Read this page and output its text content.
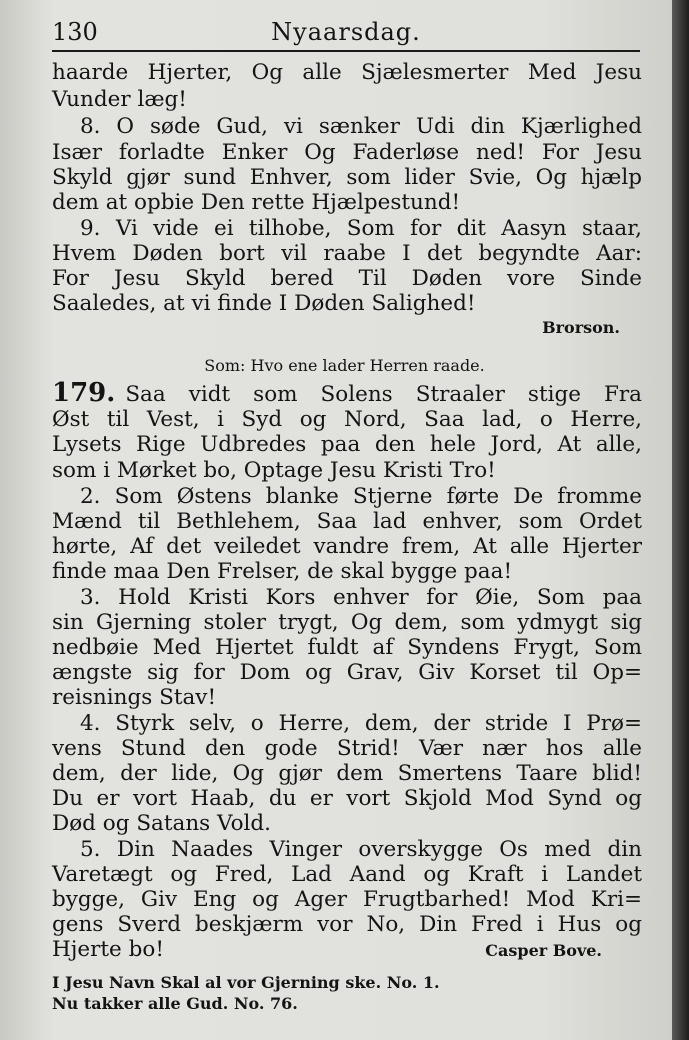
130	Nyaarsdag.
haarde Hjerter, Og alle Sjælesmerter Med Jesu
Vunder læg!
8. O søde Gud, vi sænker Udi din Kjærlighed
Især forladte Enker Og Faderløse ned! For Jesu
Skyld gjør sund Enhver, som lider Svie, Og hjælp
dem at opbie Den rette Hjælpestund!
9. Vi vide ei tilhobe, Som for dit Aasyn staar,
Hvem Døden bort vil raabe I det begyndte Aar:
For Jesu Skyld bered Til Døden vore Sinde
Saaledes, at vi finde I Døden Salighed!
Brorson.
Som: Hvo ene lader Herren raade.
179. Saa vidt som Solens Straaler stige Fra
Øst til Vest, i Syd og Nord, Saa lad, o Herre,
Lysets Rige Udbredes paa den hele Jord, At alle,
som i Mørket bo, Optage Jesu Kristi Tro!
2. Som Østens blanke Stjerne førte De fromme
Mænd til Bethlehem, Saa lad enhver, som Ordet
hørte, Af det veiledet vandre frem, At alle Hjerter
finde maa Den Frelser, de skal bygge paa!
3. Hold Kristi Kors enhver for Øie, Som paa
sin Gjerning stoler trygt, Og dem, som ydmygt sig
nedbøie Med Hjertet fuldt af Syndens Frygt, Som
ængste sig for Dom og Grav, Giv Korset til Op=
reisnings Stav!
4. Styrk selv, o Herre, dem, der stride I Prø=
vens Stund den gode Strid! Vær nær hos alle
dem, der lide, Og gjør dem Smertens Taare blid!
Du er vort Haab, du er vort Skjold Mod Synd og
Død og Satans Vold.
5. Din Naades Vinger overskygge Os med din
Varetægt og Fred, Lad Aand og Kraft i Landet
bygge, Giv Eng og Ager Frugtbarhed! Mod Kri=
gens Sverd beskjærm vor No, Din Fred i Hus og
Hjerte bo!	Casper Bove.
I Jesu Navn Skal al vor Gjerning ske. No. 1.
Nu takker alle Gud. No. 76.
